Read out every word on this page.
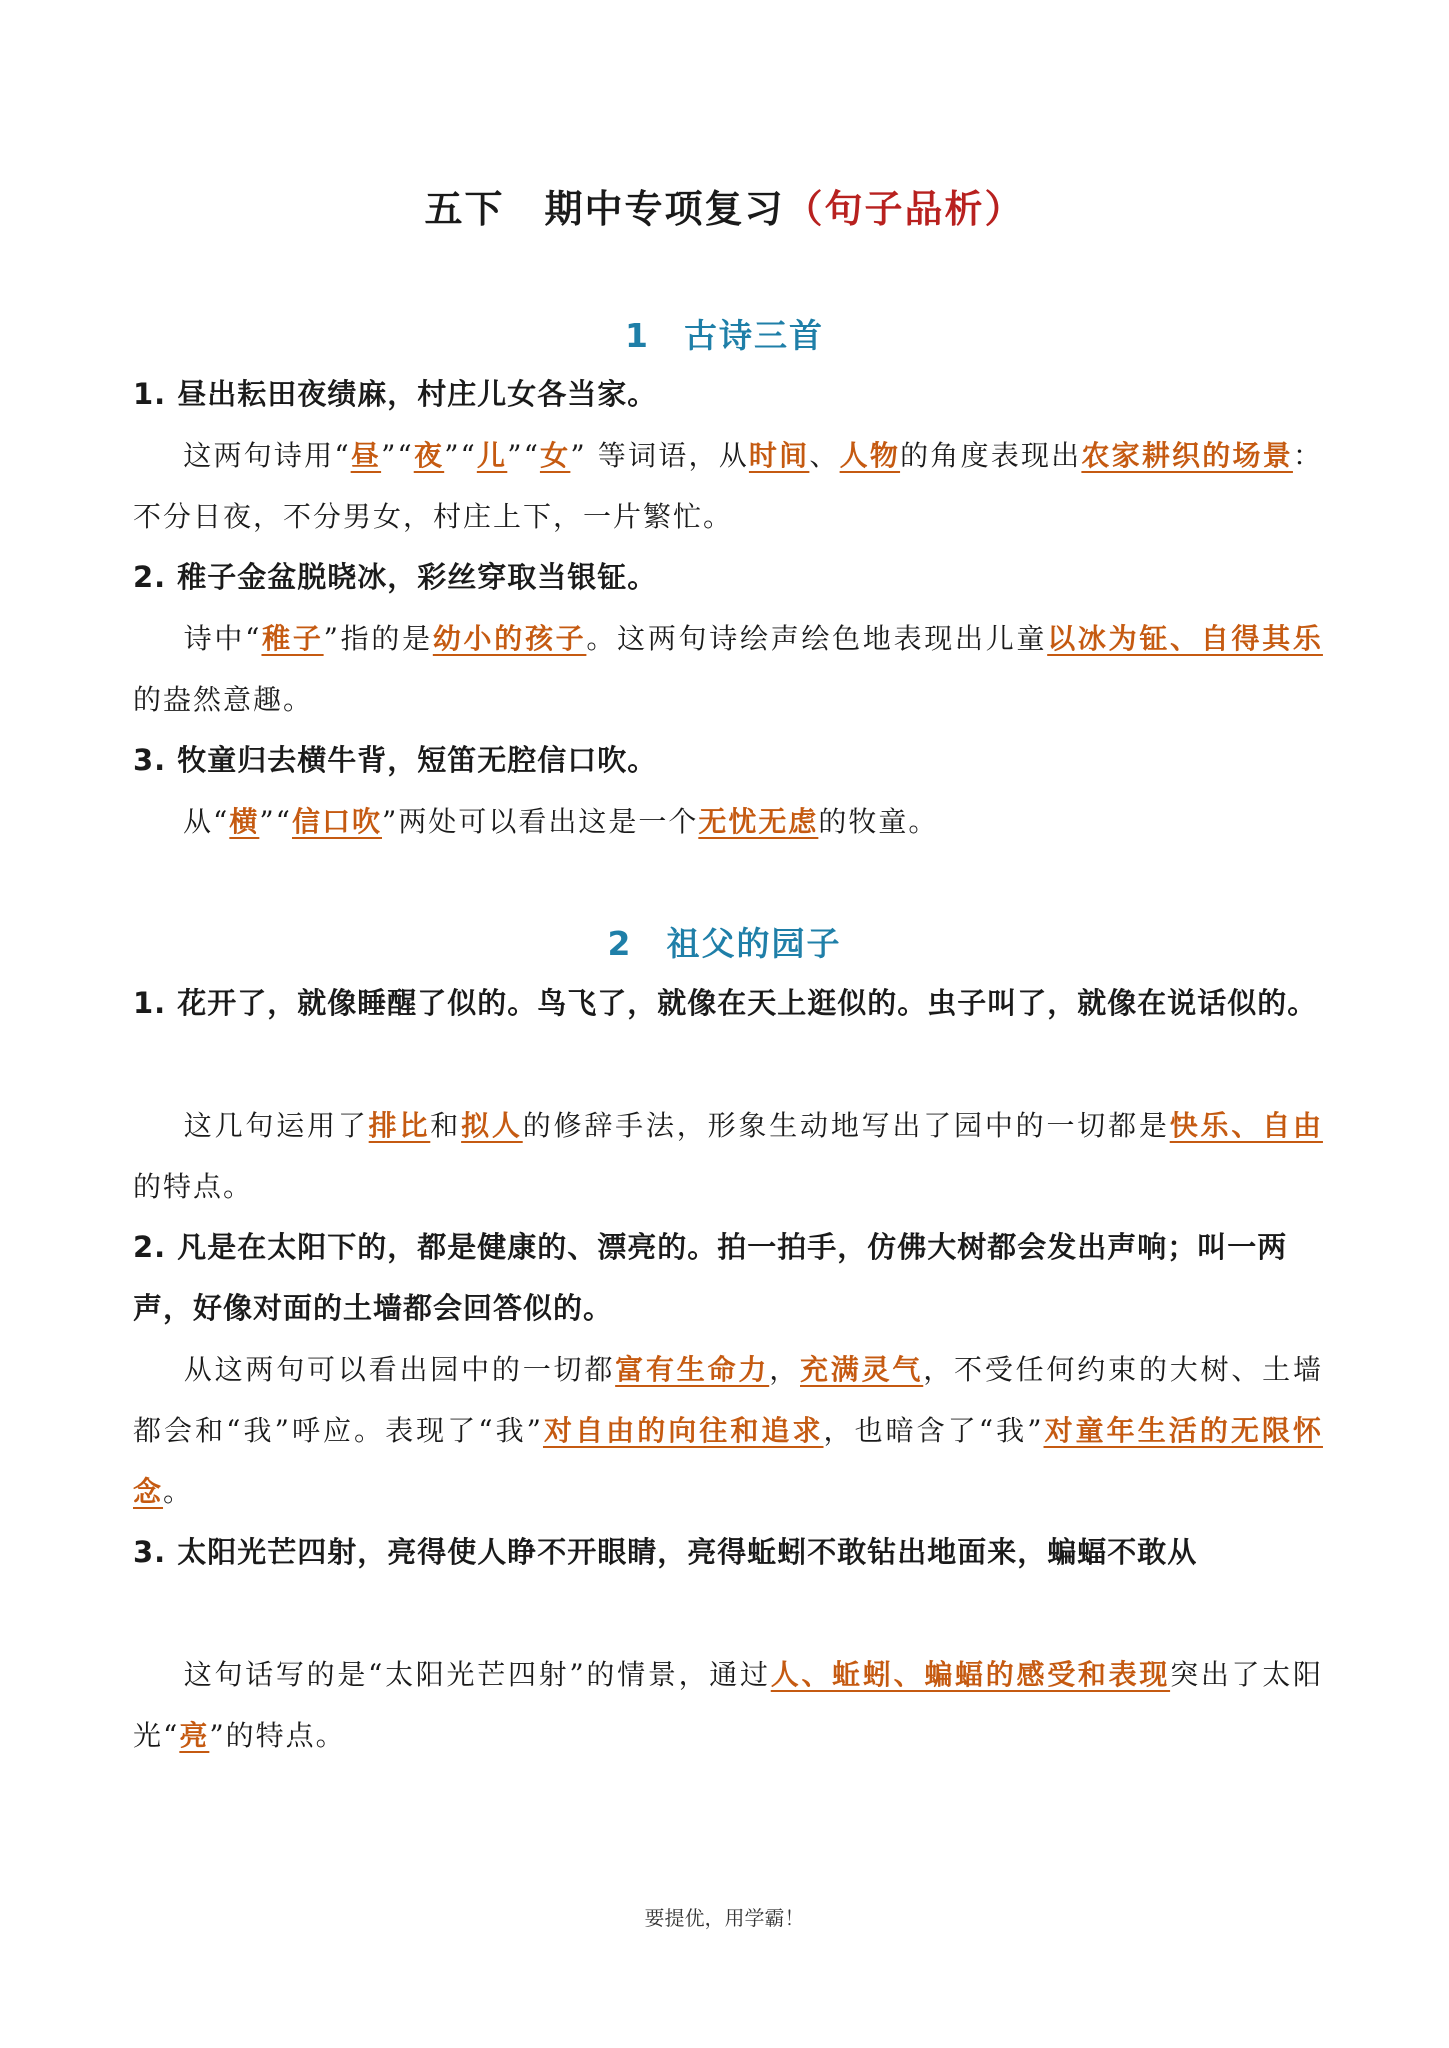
五下　期中专项复习（句子品析）
1 古诗三首
1. 昼出耘田夜绩麻，村庄儿女各当家。
这两句诗用“昼”“夜”“儿”“女” 等词语，从时间、人物的角度表现出农家耕织的场景：不分日夜，不分男女，村庄上下，一片繁忙。
2. 稚子金盆脱晓冰，彩丝穿取当银钲。
诗中“稚子”指的是幼小的孩子。这两句诗绘声绘色地表现出儿童以冰为钲、自得其乐的盎然意趣。
3. 牧童归去横牛背，短笛无腔信口吹。
从“横”“信口吹”两处可以看出这是一个无忧无虑的牧童。
2 祖父的园子
1. 花开了，就像睡醒了似的。鸟飞了，就像在天上逛似的。虫子叫了，就像在说话似的。
这几句运用了排比和拟人的修辞手法，形象生动地写出了园中的一切都是快乐、自由的特点。
2. 凡是在太阳下的，都是健康的、漂亮的。拍一拍手，仿佛大树都会发出声响；叫一两声，好像对面的土墙都会回答似的。
从这两句可以看出园中的一切都富有生命力，充满灵气，不受任何约束的大树、土墙都会和“我”呼应。表现了“我”对自由的向往和追求，也暗含了“我”对童年生活的无限怀念。
3. 太阳光芒四射，亮得使人睁不开眼睛，亮得蚯蚓不敢钻出地面来，蝙蝠不敢从
这句话写的是“太阳光芒四射”的情景，通过人、蚯蚓、蝙蝠的感受和表现突出了太阳光“亮”的特点。
要提优，用学霸！
